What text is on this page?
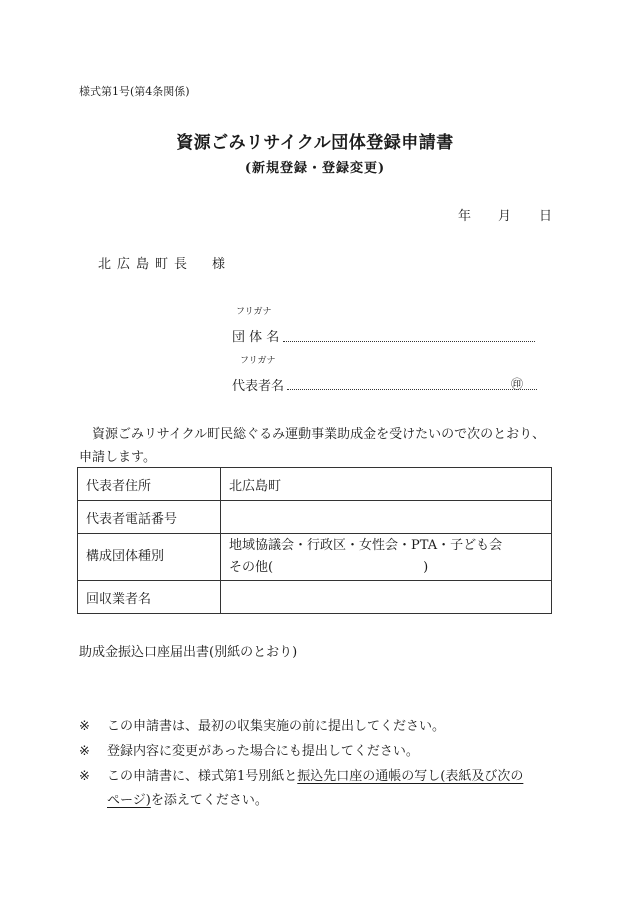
様式第1号(第4条関係)
資源ごみリサイクル団体登録申請書
(新規登録・登録変更)
年 月 日
北広島町長　様
フリガナ
団 体 名
フリガナ
代表者名	㊞
資源ごみリサイクル町民総ぐるみ運動事業助成金を受けたいので次のとおり、
申請します。
代表者住所	北広島町
代表者電話番号	
構成団体種別	地域協議会・行政区・女性会・PTA・子ども会
その他( )

回収業者名	
助成金振込口座届出書(別紙のとおり)
※ この申請書は、最初の収集実施の前に提出してください。
※ 登録内容に変更があった場合にも提出してください。
※ この申請書に、様式第1号別紙と振込先口座の通帳の写し(表紙及び次の
ページ)を添えてください。
